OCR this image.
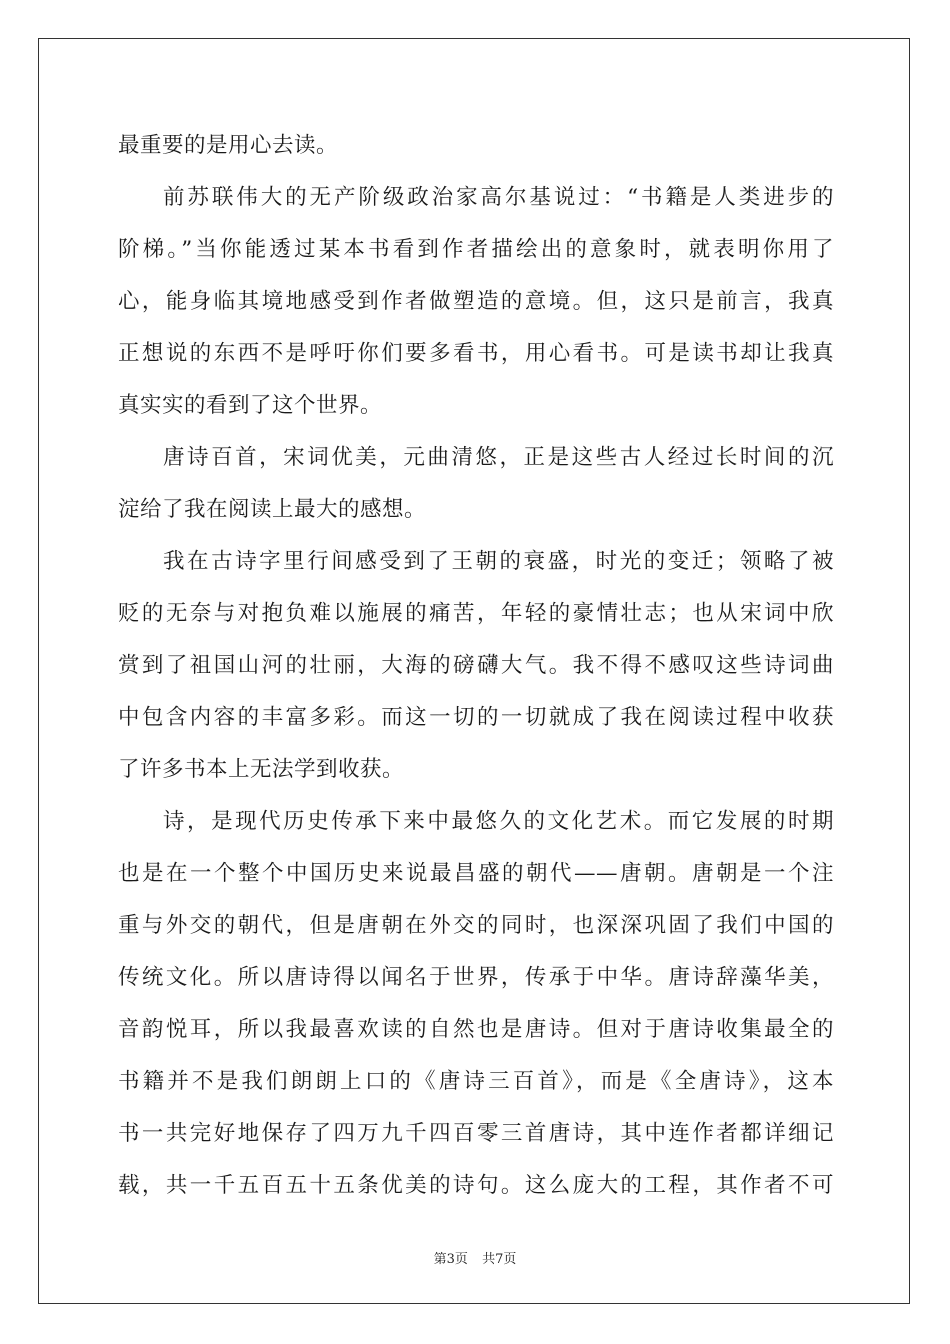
最重要的是用心去读。
前苏联伟大的无产阶级政治家高尔基说过：“书籍是人类进步的
阶梯。”当你能透过某本书看到作者描绘出的意象时，就表明你用了
心，能身临其境地感受到作者做塑造的意境。但，这只是前言，我真
正想说的东西不是呼吁你们要多看书，用心看书。可是读书却让我真
真实实的看到了这个世界。
唐诗百首，宋词优美，元曲清悠，正是这些古人经过长时间的沉
淀给了我在阅读上最大的感想。
我在古诗字里行间感受到了王朝的衰盛，时光的变迁；领略了被
贬的无奈与对抱负难以施展的痛苦，年轻的豪情壮志；也从宋词中欣
赏到了祖国山河的壮丽，大海的磅礴大气。我不得不感叹这些诗词曲
中包含内容的丰富多彩。而这一切的一切就成了我在阅读过程中收获
了许多书本上无法学到收获。
诗，是现代历史传承下来中最悠久的文化艺术。而它发展的时期
也是在一个整个中国历史来说最昌盛的朝代——唐朝。唐朝是一个注
重与外交的朝代，但是唐朝在外交的同时，也深深巩固了我们中国的
传统文化。所以唐诗得以闻名于世界，传承于中华。唐诗辞藻华美，
音韵悦耳，所以我最喜欢读的自然也是唐诗。但对于唐诗收集最全的
书籍并不是我们朗朗上口的《唐诗三百首》，而是《全唐诗》，这本
书一共完好地保存了四万九千四百零三首唐诗，其中连作者都详细记
载，共一千五百五十五条优美的诗句。这么庞大的工程，其作者不可
第3页 共7页
